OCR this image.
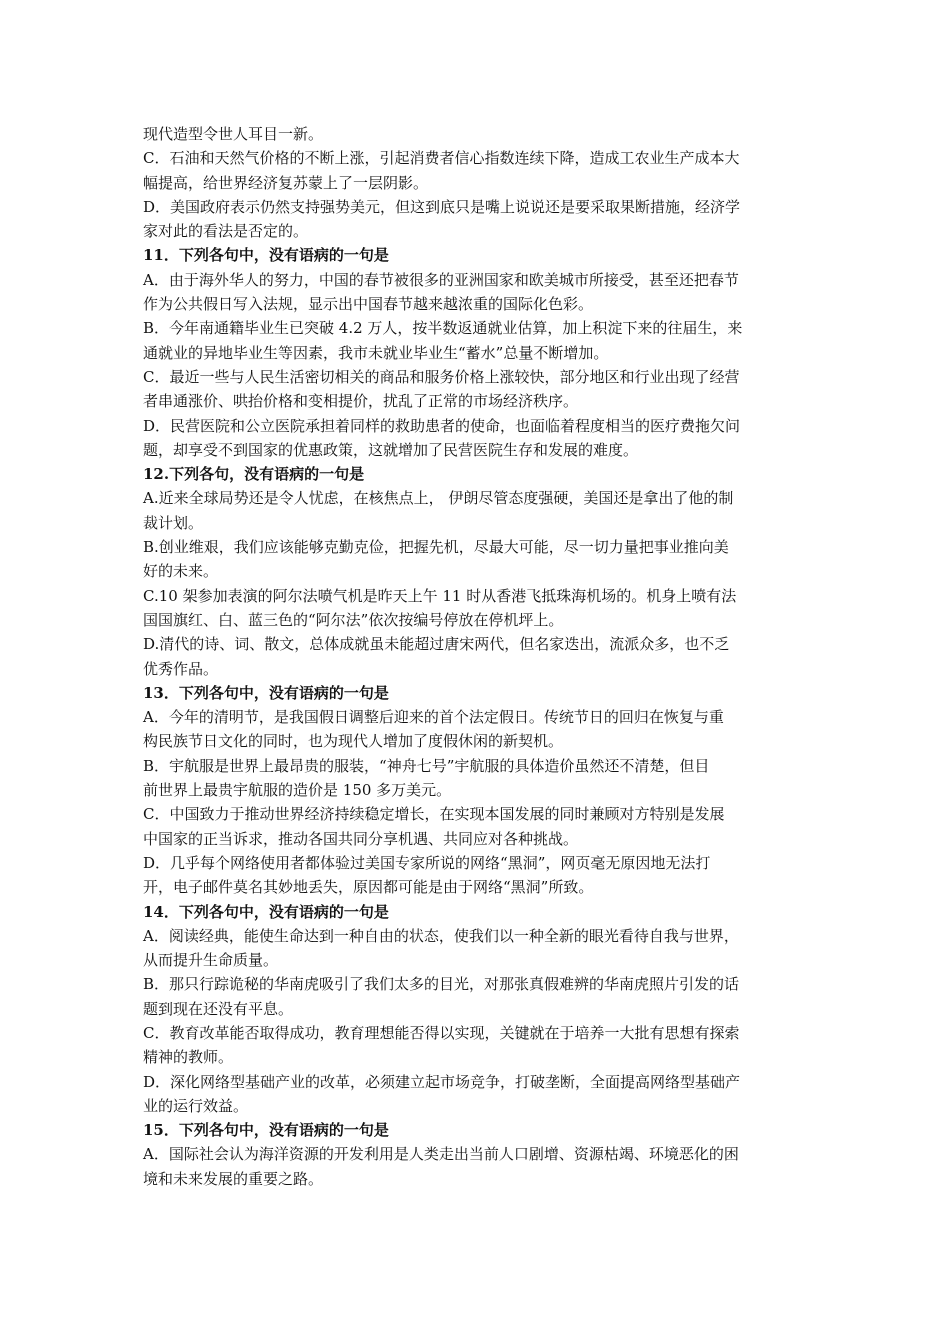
现代造型令世人耳目一新。
C．石油和天然气价格的不断上涨，引起消费者信心指数连续下降，造成工农业生产成本大
幅提高，给世界经济复苏蒙上了一层阴影。
D．美国政府表示仍然支持强势美元，但这到底只是嘴上说说还是要采取果断措施，经济学
家对此的看法是否定的。
11．下列各句中，没有语病的一句是
A．由于海外华人的努力，中国的春节被很多的亚洲国家和欧美城市所接受，甚至还把春节
作为公共假日写入法规，显示出中国春节越来越浓重的国际化色彩。
B．今年南通籍毕业生已突破 4.2 万人，按半数返通就业估算，加上积淀下来的往届生，来
通就业的异地毕业生等因素，我市未就业毕业生“蓄水”总量不断增加。
C．最近一些与人民生活密切相关的商品和服务价格上涨较快，部分地区和行业出现了经营
者串通涨价、哄抬价格和变相提价，扰乱了正常的市场经济秩序。
D．民营医院和公立医院承担着同样的救助患者的使命，也面临着程度相当的医疗费拖欠问
题，却享受不到国家的优惠政策，这就增加了民营医院生存和发展的难度。
12.下列各句，没有语病的一句是
A.近来全球局势还是令人忧虑，在核焦点上， 伊朗尽管态度强硬，美国还是拿出了他的制
裁计划。
B.创业维艰，我们应该能够克勤克俭，把握先机，尽最大可能，尽一切力量把事业推向美
好的未来。
C.10 架参加表演的阿尔法喷气机是昨天上午 11 时从香港飞抵珠海机场的。机身上喷有法
国国旗红、白、蓝三色的“阿尔法”依次按编号停放在停机坪上。
D.清代的诗、词、散文，总体成就虽未能超过唐宋两代，但名家迭出，流派众多，也不乏
优秀作品。
13．下列各句中，没有语病的一句是
A．今年的清明节，是我国假日调整后迎来的首个法定假日。传统节日的回归在恢复与重
构民族节日文化的同时，也为现代人增加了度假休闲的新契机。
B．宇航服是世界上最昂贵的服装，“神舟七号”宇航服的具体造价虽然还不清楚，但目
前世界上最贵宇航服的造价是 150 多万美元。
C．中国致力于推动世界经济持续稳定增长，在实现本国发展的同时兼顾对方特别是发展
中国家的正当诉求，推动各国共同分享机遇、共同应对各种挑战。
D．几乎每个网络使用者都体验过美国专家所说的网络“黑洞”，网页毫无原因地无法打
开，电子邮件莫名其妙地丢失，原因都可能是由于网络“黑洞”所致。
14．下列各句中，没有语病的一句是
A．阅读经典，能使生命达到一种自由的状态，使我们以一种全新的眼光看待自我与世界，
从而提升生命质量。
B．那只行踪诡秘的华南虎吸引了我们太多的目光，对那张真假难辨的华南虎照片引发的话
题到现在还没有平息。
C．教育改革能否取得成功，教育理想能否得以实现，关键就在于培养一大批有思想有探索
精神的教师。
D．深化网络型基础产业的改革，必须建立起市场竞争，打破垄断，全面提高网络型基础产
业的运行效益。
15．下列各句中，没有语病的一句是
A．国际社会认为海洋资源的开发利用是人类走出当前人口剧增、资源枯竭、环境恶化的困
境和未来发展的重要之路。
